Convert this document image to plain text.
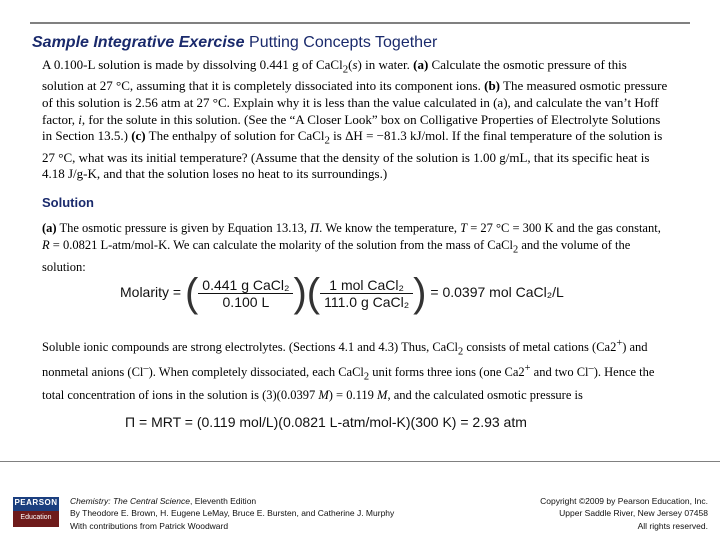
Sample Integrative Exercise Putting Concepts Together
A 0.100-L solution is made by dissolving 0.441 g of CaCl$_2$(s) in water. (a) Calculate the osmotic pressure of this solution at 27 °C, assuming that it is completely dissociated into its component ions. (b) The measured osmotic pressure of this solution is 2.56 atm at 27 °C. Explain why it is less than the value calculated in (a), and calculate the van’t Hoff factor, i, for the solute in this solution. (See the “A Closer Look” box on Colligative Properties of Electrolyte Solutions in Section 13.5.) (c) The enthalpy of solution for CaCl$_2$ is ΔH = −81.3 kJ/mol. If the final temperature of the solution is 27 °C, what was its initial temperature? (Assume that the density of the solution is 1.00 g/mL, that its specific heat is 4.18 J/g-K, and that the solution loses no heat to its surroundings.)
Solution
(a) The osmotic pressure is given by Equation 13.13, Π. We know the temperature, T = 27 °C = 300 K and the gas constant, R = 0.0821 L-atm/mol-K. We can calculate the molarity of the solution from the mass of CaCl$_2$ and the volume of the solution:
Molarity = ( $\frac{\text{0.441 g CaCl₂}}{0.100 L}$ )( $\frac{\text{1 mol CaCl₂}}{\text{111.0 g CaCl₂}}$ ) = 0.0397 mol CaCl₂/L
Soluble ionic compounds are strong electrolytes. (Sections 4.1 and 4.3) Thus, CaCl$_2$ consists of metal cations (Ca2+) and nonmetal anions (Cl–). When completely dissociated, each CaCl$_2$ unit forms three ions (one Ca2+ and two Cl–). Hence the total concentration of ions in the solution is (3)(0.0397 M) = 0.119 M, and the calculated osmotic pressure is
Π = MRT = (0.119 mol/L)(0.0821 L-atm/mol-K)(300 K) = 2.93 atm
PEARSON
Education
Chemistry: The Central Science, Eleventh Edition
By Theodore E. Brown, H. Eugene LeMay, Bruce E. Bursten, and Catherine J. Murphy
With contributions from Patrick Woodward
Copyright ©2009 by Pearson Education, Inc.
Upper Saddle River, New Jersey 07458
All rights reserved.
